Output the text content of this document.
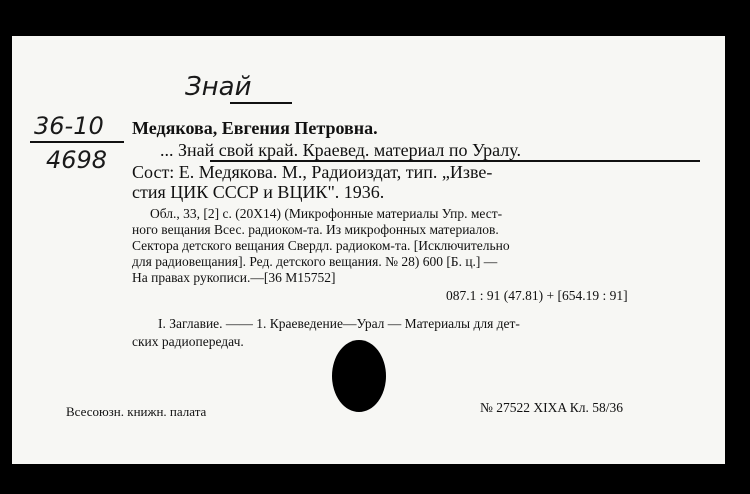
Знай
36-10
4698
Медякова, Евгения Петровна.
... Знай свой край. Краевед. материал по Уралу.
Сост: Е. Медякова. М., Радиоиздат, тип. „Изве-
стия ЦИК СССР и ВЦИК". 1936.
Обл., 33, [2] с. (20Х14) (Микрофонные материалы Упр. мест-
ного вещания Всес. радиоком-та. Из микрофонных материалов.
Сектора детского вещания Свердл. радиоком-та. [Исключительно
для радиовещания]. Ред. детского вещания. № 28) 600 [Б. ц.] —
На правах рукописи.—[36 М15752]
087.1 : 91 (47.81) + [654.19 : 91]
I. Заглавие. —— 1. Краеведение—Урал — Материалы для дет-
ских радиопередач.
Всесоюзн. книжн. палата	№ 27522 XIXA Кл. 58/36
